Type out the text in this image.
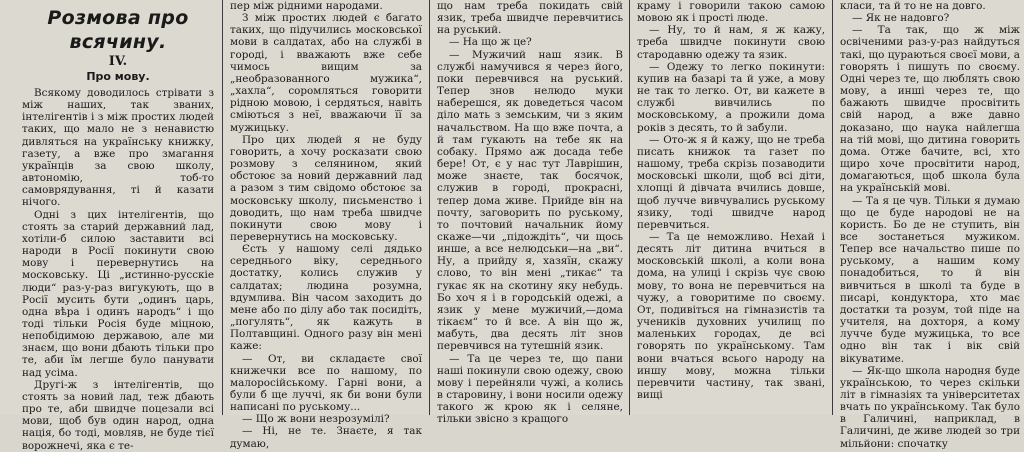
Розмова про всячину.
IV.
Про мову.

Всякому доводилось стрівати з між наших, так званих, інтелігентів і з між простих людей таких, що мало не з ненавистю дивляться на українську книжку, газету, а вже про змагання українців за свою школу, автономію, тоб-то самоврядування, ті й казати нічого.

Одні з цих інтелігентів, що стоять за старий державний лад, хотіли-б силою заставити всі народи в Росії покинути свою мову і перевернутись на московську. Ці „истинно-русскіе люди“ раз-у-раз вигукують, що в Росії мусить бути „одинъ царь, одна вѣра і одинъ народъ“ і що тоді тільки Росія буде міцною, непобідимою державою, але ми знаєм, що вони дбають тільки про те, аби їм легше було панувати над усіма.

Другі-ж з інтелігентів, що стоять за новий лад, теж дбають про те, аби швидче поцезали всі мови, щоб був один народ, одна нація, бо тоді, мовляв, не буде тієї ворожнечі, яка є те-

пер між рідними народами.

З між простих людей є багато таких, що підучились московської мови в салдатах, або на службі в городі, і вважають вже себе чимось вищим за „необразованного мужика“, „хахла“, соромляться говорити рідною мовою, і сердяться, навіть сміються з неї, вважаючи її за мужицьку.

Про цих людей я не буду говорить, а хочу росказати свою розмову з селянином, який обстоює за новий державний лад а разом з тим свідомо обстоює за московську школу, письменство і доводить, що нам треба швидче покинути свою мову і перевернутись на московську.

Єсть у нашому селі дядько середнього віку, середнього достатку, колись служив у салдатах; людина розумна, вдумлива. Він часом заходить до мене або по ділу або так посидіть, „погулять“, як кажуть в Полтавщині. Одного разу він мені каже:

— От, ви складаєте свої книжечки все по нашому, по малоросійському. Гарні вони, а були б ще луччі, як би вони були написані по руському...

— Що ж вони незрозумілі?

— Ні, не те. Знаєте, я так думаю,

що нам треба покидать свій язик, треба швидче перевчитись на руський.

— На що ж це?

— Мужичий наш язик. В службі намучився я через його, поки перевчився на руський. Тепер знов нелюдо муки наберешся, як доведеться часом діло мать з земським, чи з яким начальством. На що вже почта, а й там гукають на тебе як на собаку. Прямо аж досада тебе бере! От, є у нас тут Лаврішин, може знаєте, так босячок, служив в городі, прокрасні, тепер дома живе. Прийде він на почту, заговорить по руському, то почтовий начальник йому скаже—чи „підождіть“, чи щось инше, а все нелюдськи—на „ви“. Ну, а прийду я, хазяїн, скажу слово, то він мені „тикає“ та гукає як на скотину яку небудь. Бо хоч я і в городській одежі, а язик у мене мужичий,—дома тікаєм“ то й все. А він що ж, мабуть, два десять літ знов перевчився на тутешній язик.

— Та це через те, що пани наші покинули свою одежу, свою мову і перейняли чужі, а колись в старовину, і вони носили одежу такого ж крою як і селяне, тільки звісно з кращого

краму і говорили такою самою мовою як і прості люде.

— Ну, то й нам, я ж кажу, треба швидче покинути свою стародавню одежу та язик.

— Одежу то легко покинути: купив на базарі та й уже, а мову не так то легко. От, ви кажете в службі вивчились по московському, а прожили дома років з десять, то й забули.

— Ото-ж я й кажу, що не треба писать книжок та газет по нашому, треба скрізь позаводити московські школи, щоб всі діти, хлопці й дівчата вчились довше, щоб лучче вивчувались руському язику, тоді швидче народ перевчиться.

— Та це неможливо. Нехай і десять літ дитина вчиться в московській школі, а коли вона дома, на улиці і скрізь чує свою мову, то вона не перевчиться на чужу, а говоритиме по своєму. От, подивіться на гімназистів та учеників духовних училищ по маленьких городах, де всі говорять по українському. Там вони вчаться всього народу на иншу мову, можна тільки перевчити частину, так звані, вищі

класи, та й то не на довго.

— Як не надовго?

— Та так, що ж між освіченими раз-у-раз найдуться такі, що цураються своєї мови, а говорять і пишуть по своєму. Одні через те, що люблять свою мову, а инші через те, що бажають швидче просвітить свій народ, а вже давно доказано, що наука найлегша на тій мові, що дитина говорить дома. Отже бачите, всі, хто щиро хоче просвітити народ, домагаються, щоб школа була на українській мові.

— Та я це чув. Тільки я думаю що це буде народові не на користь. Бо де не ступить, він все зостанеться мужиком. Тепер все начальство пише по руському, а нашим кому понадобиться, то й він вивчиться в школі та буде в писарі, кондуктора, хто має достатки та розум, той піде на учителя, на дохторя, а кому лучче буде мужицька, то все одно він так і вік свій вікуватиме.

— Як-що школа народня буде українською, то через скільки літ в гімназіях та університетах вчать по українському. Так було в Галичині, наприклад, в Галичині, де живе людей зо три мільйони: спочатку
